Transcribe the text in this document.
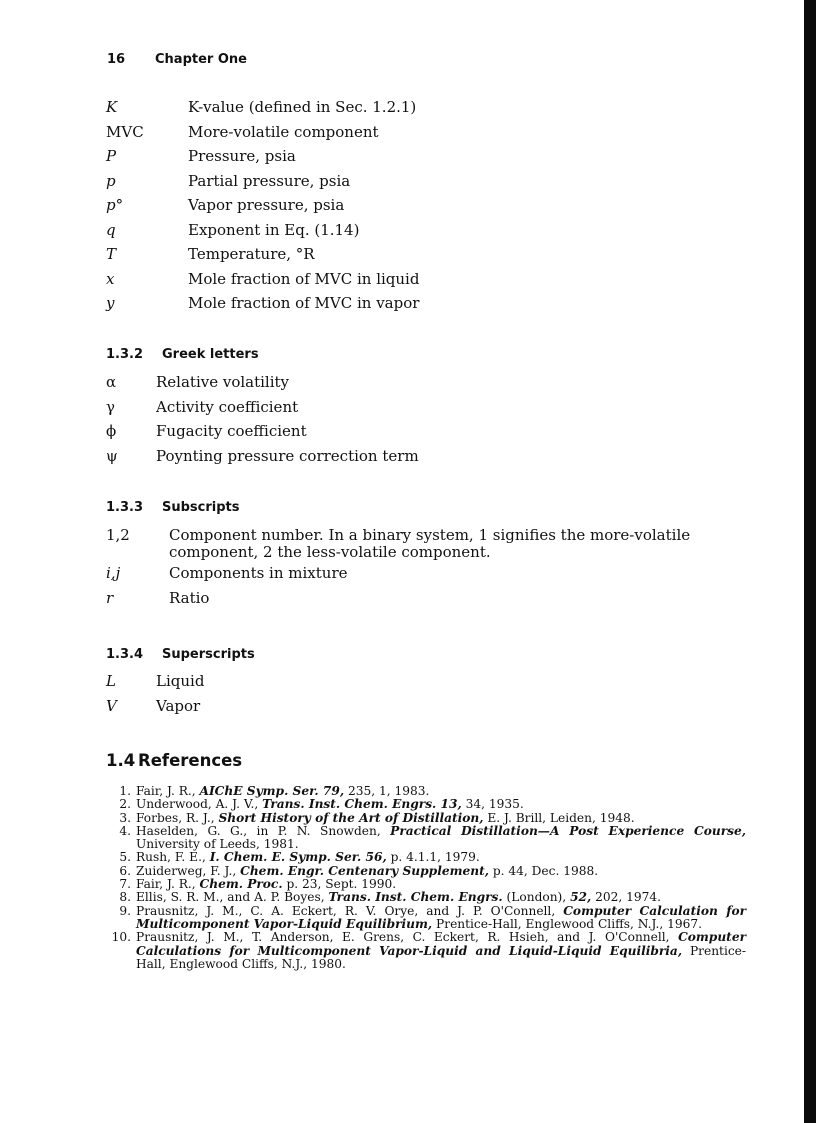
16 Chapter One
K	K-value (defined in Sec. 1.2.1)
MVC	More-volatile component
P	Pressure, psia
p	Partial pressure, psia
p°	Vapor pressure, psia
q	Exponent in Eq. (1.14)
T	Temperature, °R
x	Mole fraction of MVC in liquid
y	Mole fraction of MVC in vapor
1.3.2 Greek letters
α	Relative volatility
γ	Activity coefficient
ϕ	Fugacity coefficient
ψ	Poynting pressure correction term
1.3.3 Subscripts
1,2	Component number. In a binary system, 1 signifies the more-volatile component, 2 the less-volatile component.
i,j	Components in mixture
r	Ratio
1.3.4 Superscripts
L	Liquid
V	Vapor
1.4 References
1. Fair, J. R., AIChE Symp. Ser. 79, 235, 1, 1983.
2. Underwood, A. J. V., Trans. Inst. Chem. Engrs. 13, 34, 1935.
3. Forbes, R. J., Short History of the Art of Distillation, E. J. Brill, Leiden, 1948.
4. Haselden, G. G., in P. N. Snowden, Practical Distillation—A Post Experience Course, University of Leeds, 1981.
5. Rush, F. E., I. Chem. E. Symp. Ser. 56, p. 4.1.1, 1979.
6. Zuiderweg, F. J., Chem. Engr. Centenary Supplement, p. 44, Dec. 1988.
7. Fair, J. R., Chem. Proc. p. 23, Sept. 1990.
8. Ellis, S. R. M., and A. P. Boyes, Trans. Inst. Chem. Engrs. (London), 52, 202, 1974.
9. Prausnitz, J. M., C. A. Eckert, R. V. Orye, and J. P. O'Connell, Computer Calculation for Multicomponent Vapor-Liquid Equilibrium, Prentice-Hall, Englewood Cliffs, N.J., 1967.
10. Prausnitz, J. M., T. Anderson, E. Grens, C. Eckert, R. Hsieh, and J. O'Connell, Computer Calculations for Multicomponent Vapor-Liquid and Liquid-Liquid Equilibria, Prentice-Hall, Englewood Cliffs, N.J., 1980.
